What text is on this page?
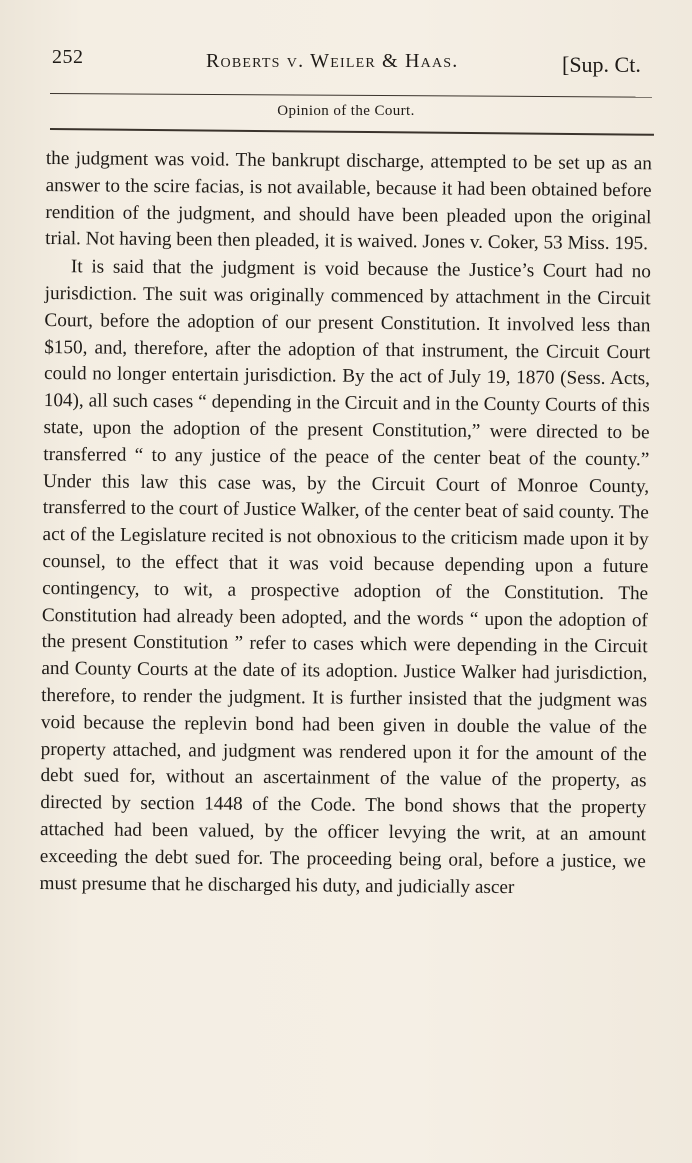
252	Roberts v. Weiler & Haas.	[Sup. Ct.
Opinion of the Court.

the judgment was void. The bankrupt discharge, attempted to be set up as an answer to the scire facias, is not available, because it had been obtained before rendition of the judgment, and should have been pleaded upon the original trial. Not having been then pleaded, it is waived. Jones v. Coker, 53 Miss. 195.

It is said that the judgment is void because the Justice’s Court had no jurisdiction. The suit was originally commenced by attachment in the Circuit Court, before the adoption of our present Constitution. It involved less than $150, and, therefore, after the adoption of that instrument, the Circuit Court could no longer entertain jurisdiction. By the act of July 19, 1870 (Sess. Acts, 104), all such cases “ depending in the Circuit and in the County Courts of this state, upon the adoption of the present Constitution,” were directed to be transferred “ to any justice of the peace of the center beat of the county.” Under this law this case was, by the Circuit Court of Monroe County, transferred to the court of Justice Walker, of the center beat of said county. The act of the Legislature recited is not obnoxious to the criticism made upon it by counsel, to the effect that it was void because depending upon a future contingency, to wit, a prospective adoption of the Constitution. The Constitution had already been adopted, and the words “ upon the adoption of the present Constitution ” refer to cases which were depending in the Circuit and County Courts at the date of its adoption. Justice Walker had jurisdiction, therefore, to render the judgment. It is further insisted that the judgment was void because the replevin bond had been given in double the value of the property attached, and judgment was rendered upon it for the amount of the debt sued for, without an ascertainment of the value of the property, as directed by section 1448 of the Code. The bond shows that the property attached had been valued, by the officer levying the writ, at an amount exceeding the debt sued for. The proceeding being oral, before a justice, we must presume that he discharged his duty, and judicially ascer
